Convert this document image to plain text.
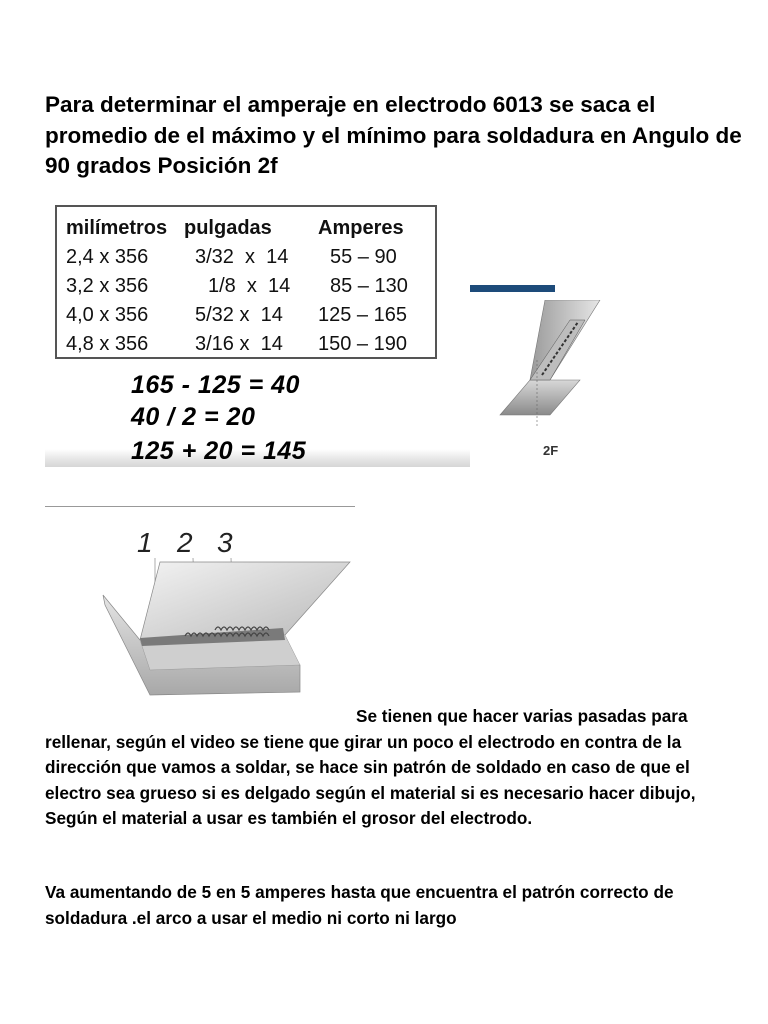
Para determinar el amperaje en electrodo 6013 se saca el promedio de el máximo y el mínimo para soldadura en Angulo de 90 grados Posición 2f
milímetros	pulgadas	Amperes
2,4 x 356	3/32  x  14	55 – 90
3,2 x 356	1/8  x  14	85 – 130
4,0 x 356	5/32 x  14	125 – 165
4,8 x 356	3/16 x  14	150 – 190
165 - 125 = 40
40 / 2 = 20
125 + 20 = 145	2F
1 2 3

Se tienen que hacer varias pasadas para rellenar, según el video se tiene que girar un poco el electrodo en contra de la dirección que vamos a soldar, se hace sin patrón de soldado en caso de que el electro sea grueso si es delgado según el material si es necesario hacer dibujo, Según el material a usar es también el grosor del electrodo.

Va aumentando de 5 en 5 amperes hasta que encuentra el patrón correcto de soldadura .el arco a usar el medio ni corto ni largo
